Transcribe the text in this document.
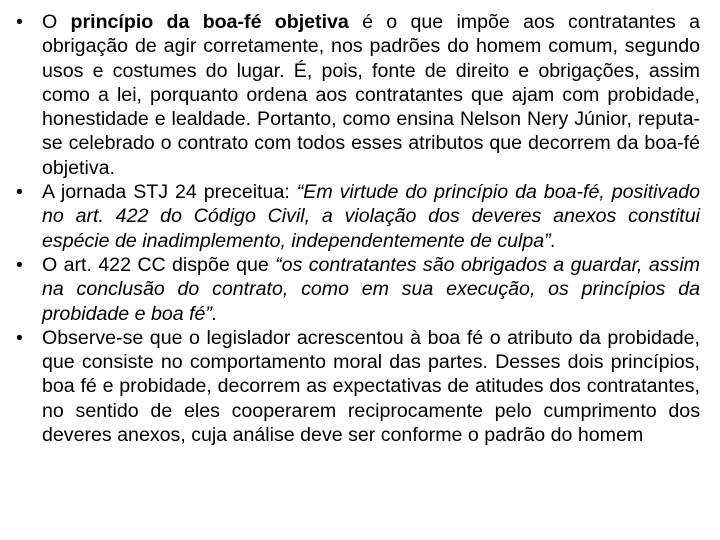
• O princípio da boa-fé objetiva é o que impõe aos contratantes a obrigação de agir corretamente, nos padrões do homem comum, segundo usos e costumes do lugar. É, pois, fonte de direito e obrigações, assim como a lei, porquanto ordena aos contratantes que ajam com probidade, honestidade e lealdade. Portanto, como ensina Nelson Nery Júnior, reputa-se celebrado o contrato com todos esses atributos que decorrem da boa-fé objetiva.
• A jornada STJ 24 preceitua: “Em virtude do princípio da boa-fé, positivado no art. 422 do Código Civil, a violação dos deveres anexos constitui espécie de inadimplemento, independentemente de culpa”.
• O art. 422 CC dispõe que “os contratantes são obrigados a guardar, assim na conclusão do contrato, como em sua execução, os princípios da probidade e boa fé”.
• Observe-se que o legislador acrescentou à boa fé o atributo da probidade, que consiste no comportamento moral das partes. Desses dois princípios, boa fé e probidade, decorrem as expectativas de atitudes dos contratantes, no sentido de eles cooperarem reciprocamente pelo cumprimento dos deveres anexos, cuja análise deve ser conforme o padrão do homem
